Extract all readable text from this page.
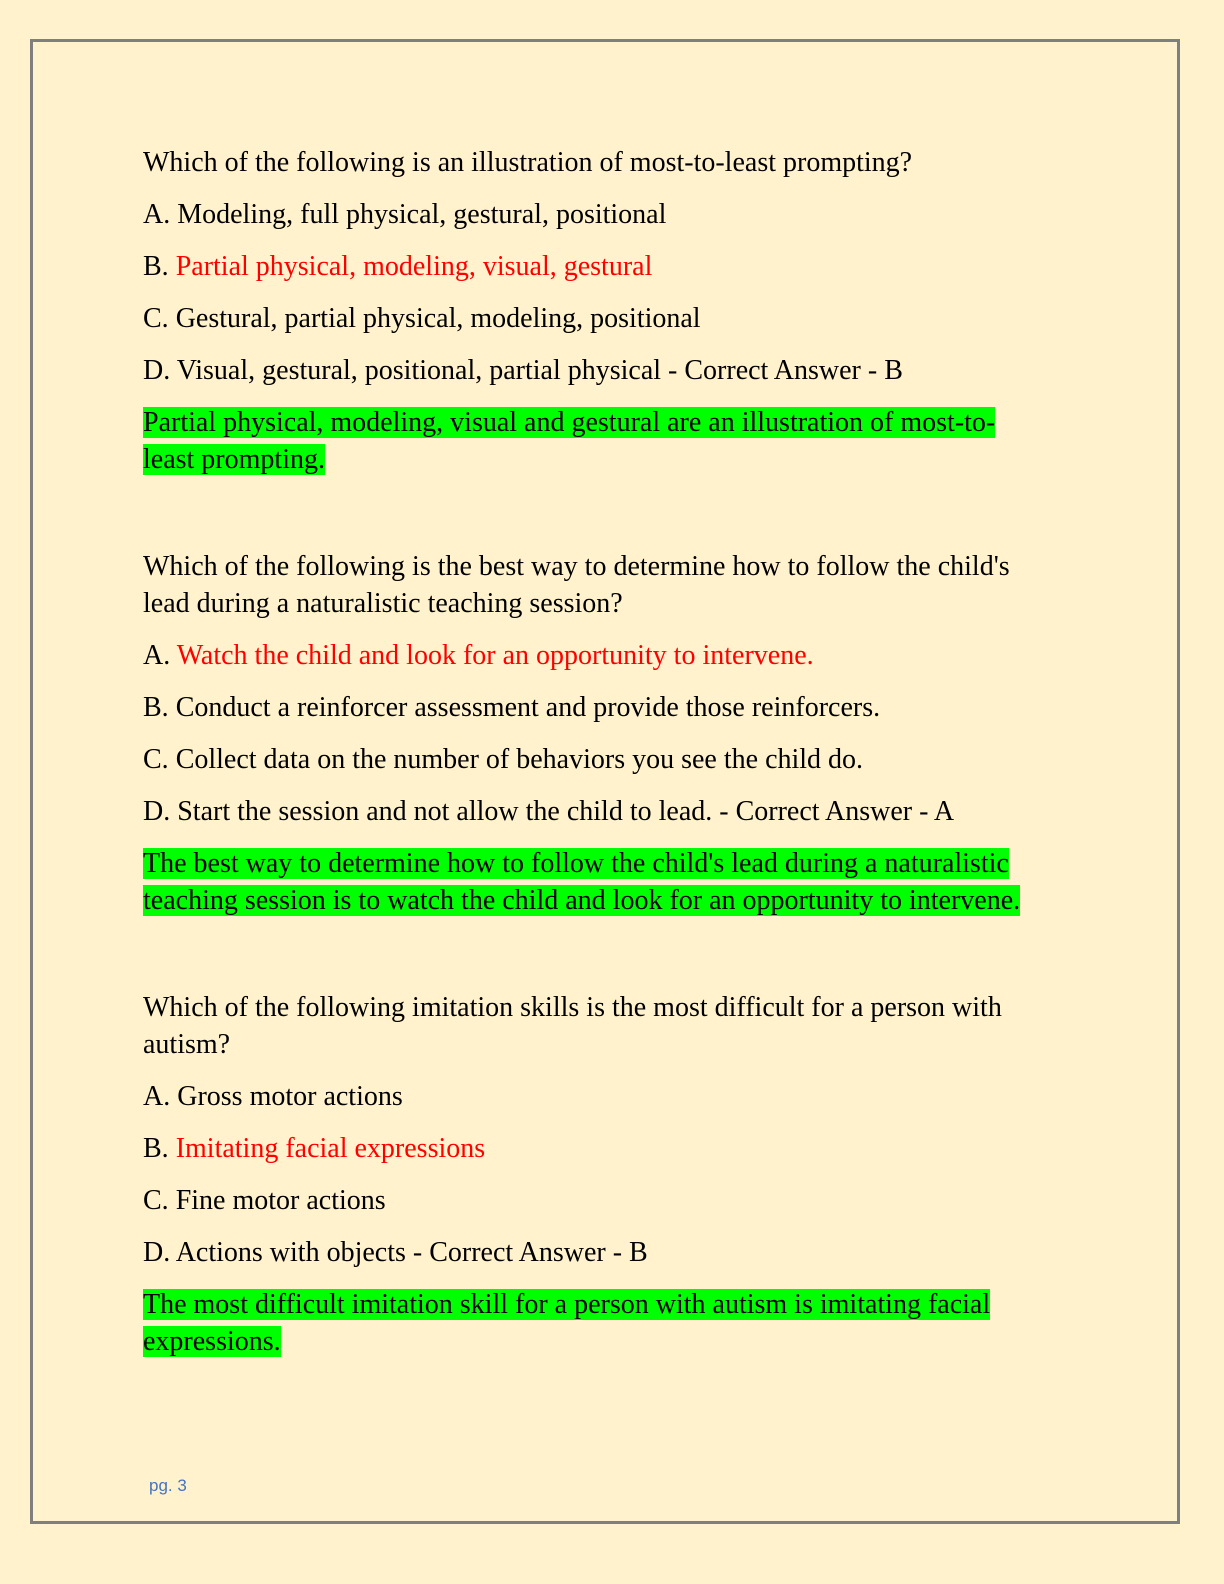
Which of the following is an illustration of most-to-least prompting?

A. Modeling, full physical, gestural, positional

B. Partial physical, modeling, visual, gestural

C. Gestural, partial physical, modeling, positional

D. Visual, gestural, positional, partial physical - Correct Answer - B

Partial physical, modeling, visual and gestural are an illustration of most-to-least prompting.

Which of the following is the best way to determine how to follow the child's lead during a naturalistic teaching session?

A. Watch the child and look for an opportunity to intervene.

B. Conduct a reinforcer assessment and provide those reinforcers.

C. Collect data on the number of behaviors you see the child do.

D. Start the session and not allow the child to lead. - Correct Answer - A

The best way to determine how to follow the child's lead during a naturalistic teaching session is to watch the child and look for an opportunity to intervene.

Which of the following imitation skills is the most difficult for a person with autism?

A. Gross motor actions

B. Imitating facial expressions

C. Fine motor actions

D. Actions with objects - Correct Answer - B

The most difficult imitation skill for a person with autism is imitating facial expressions.

pg. 3
